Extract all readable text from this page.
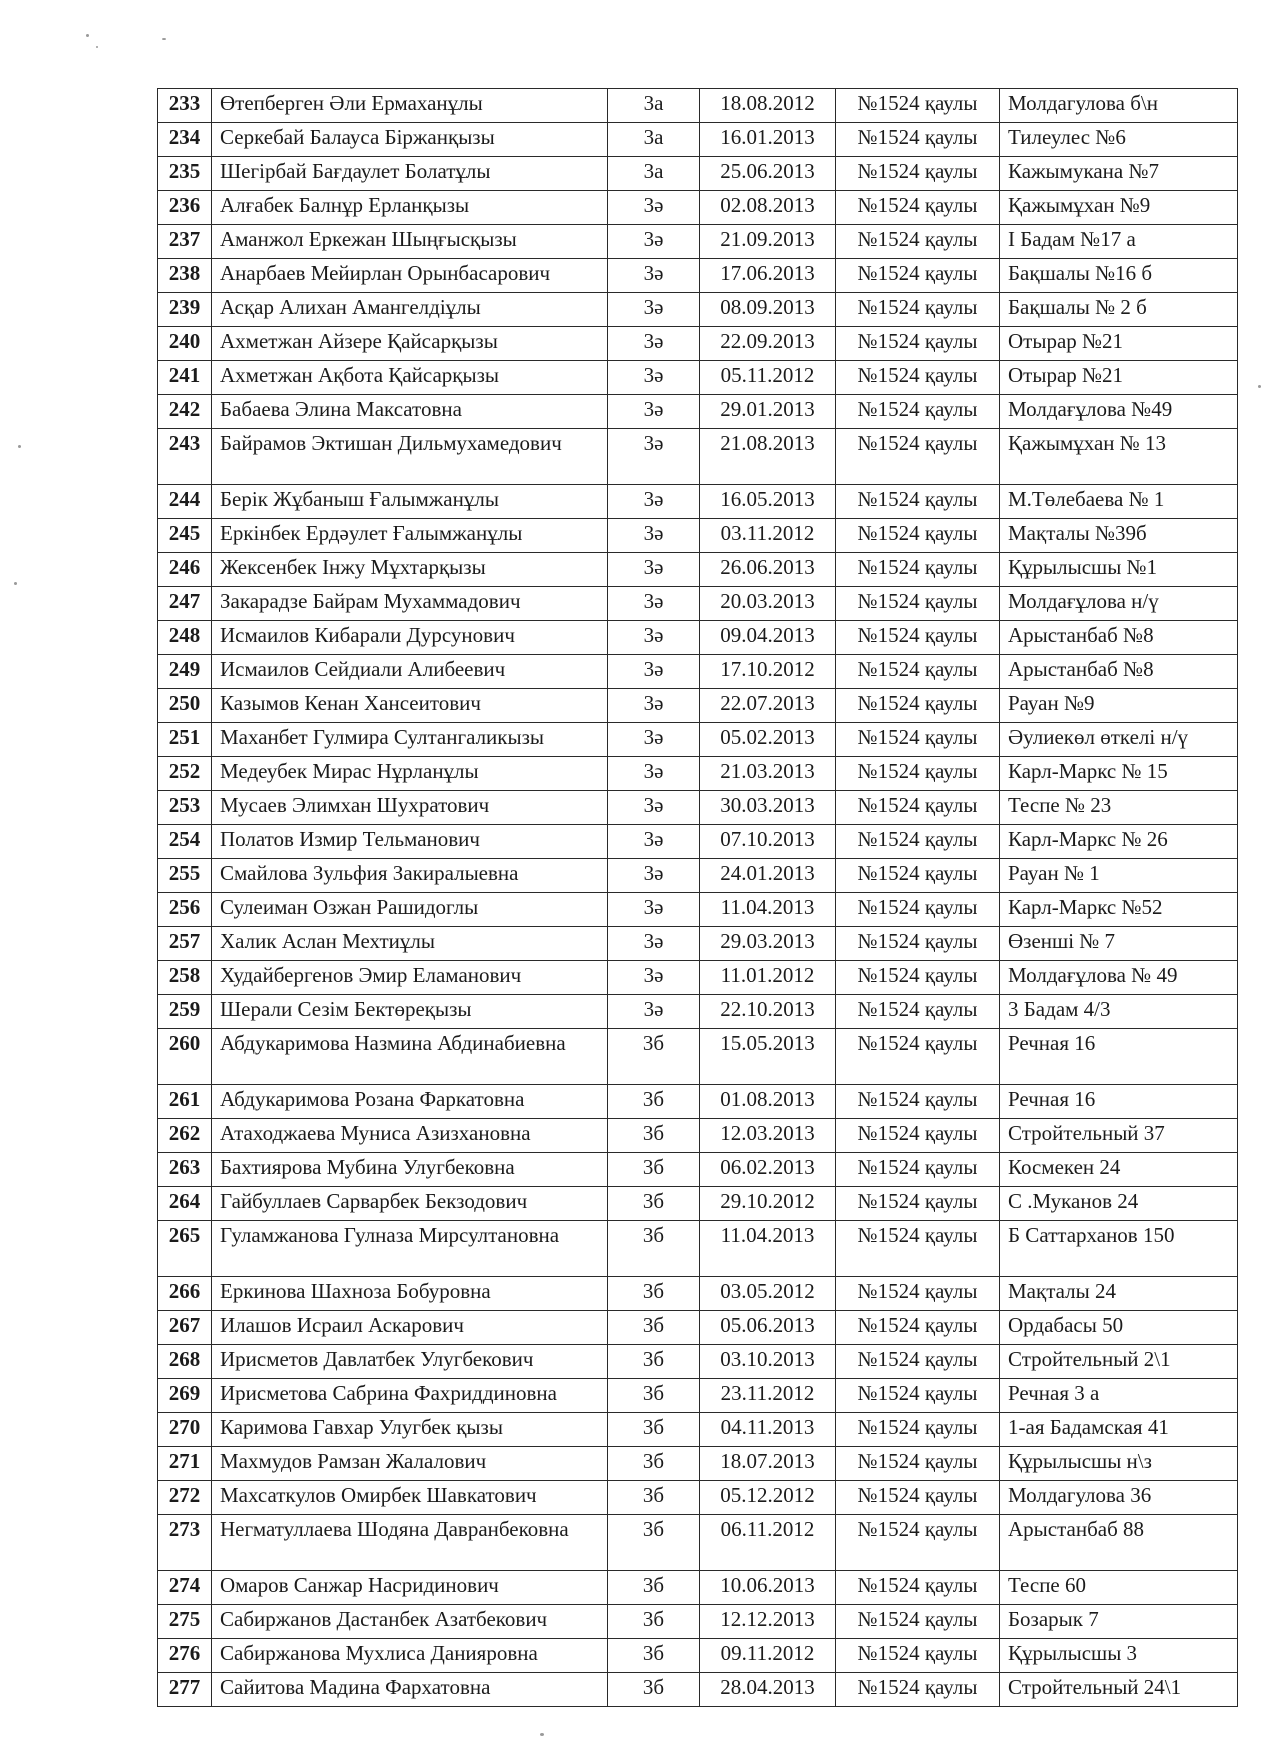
233	Өтепберген Әли Ермаханұлы	3а	18.08.2012	№1524 қаулы	Молдагулова б\н
234	Серкебай Балауса Біржанқызы	3а	16.01.2013	№1524 қаулы	Тилеулес №6
235	Шегірбай Бағдаулет Болатұлы	3а	25.06.2013	№1524 қаулы	Кажымукана №7
236	Алғабек Балнұр Ерланқызы	3ә	02.08.2013	№1524 қаулы	Қажымұхан №9
237	Аманжол Еркежан Шыңғысқызы	3ә	21.09.2013	№1524 қаулы	І Бадам №17 а
238	Анарбаев Мейирлан Орынбасарович	3ә	17.06.2013	№1524 қаулы	Бақшалы №16 б
239	Асқар Алихан Амангелдіұлы	3ә	08.09.2013	№1524 қаулы	Бақшалы № 2 б
240	Ахметжан Айзере Қайсарқызы	3ә	22.09.2013	№1524 қаулы	Отырар №21
241	Ахметжан Ақбота Қайсарқызы	3ә	05.11.2012	№1524 қаулы	Отырар №21
242	Бабаева Элина Максатовна	3ә	29.01.2013	№1524 қаулы	Молдағұлова №49
243	Байрамов Эктишан Дильмухамедович	3ә	21.08.2013	№1524 қаулы	Қажымұхан № 13
244	Берік Жұбаныш Ғалымжанұлы	3ә	16.05.2013	№1524 қаулы	М.Төлебаева № 1
245	Еркінбек Ердәулет Ғалымжанұлы	3ә	03.11.2012	№1524 қаулы	Мақталы №39б
246	Жексенбек Інжу Мұхтарқызы	3ә	26.06.2013	№1524 қаулы	Құрылысшы №1
247	Закарадзе Байрам Мухаммадович	3ә	20.03.2013	№1524 қаулы	Молдағұлова н/ү
248	Исмаилов Кибарали Дурсунович	3ә	09.04.2013	№1524 қаулы	Арыстанбаб №8
249	Исмаилов Сейдиали Алибеевич	3ә	17.10.2012	№1524 қаулы	Арыстанбаб №8
250	Казымов Кенан Хансеитович	3ә	22.07.2013	№1524 қаулы	Рауан №9
251	Маханбет Гулмира Султангаликызы	3ә	05.02.2013	№1524 қаулы	Әулиекөл өткелі н/ү
252	Медеубек Мирас Нұрланұлы	3ә	21.03.2013	№1524 қаулы	Карл-Маркс № 15
253	Мусаев Элимхан Шухратович	3ә	30.03.2013	№1524 қаулы	Теспе № 23
254	Полатов Измир Тельманович	3ә	07.10.2013	№1524 қаулы	Карл-Маркс № 26
255	Смайлова Зульфия Закиралыевна	3ә	24.01.2013	№1524 қаулы	Рауан № 1
256	Сулеиман Озжан Рашидоглы	3ә	11.04.2013	№1524 қаулы	Карл-Маркс №52
257	Халик Аслан Мехтиұлы	3ә	29.03.2013	№1524 қаулы	Өзенші № 7
258	Худайбергенов Эмир Еламанович	3ә	11.01.2012	№1524 қаулы	Молдағұлова № 49
259	Шерали Сезім Бектөреқызы	3ә	22.10.2013	№1524 қаулы	3 Бадам 4/3
260	Абдукаримова Назмина Абдинабиевна	3б	15.05.2013	№1524 қаулы	Речная 16
261	Абдукаримова Розана Фаркатовна	3б	01.08.2013	№1524 қаулы	Речная 16
262	Атаходжаева Муниса Азизхановна	3б	12.03.2013	№1524 қаулы	Стройтельный 37
263	Бахтиярова Мубина Улугбековна	3б	06.02.2013	№1524 қаулы	Космекен 24
264	Гайбуллаев Сарварбек Бекзодович	3б	29.10.2012	№1524 қаулы	С .Муканов 24
265	Гуламжанова Гулназа Мирсултановна	3б	11.04.2013	№1524 қаулы	Б Саттарханов 150
266	Еркинова Шахноза Бобуровна	3б	03.05.2012	№1524 қаулы	Мақталы 24
267	Илашов Исраил Аскарович	3б	05.06.2013	№1524 қаулы	Ордабасы 50
268	Ирисметов Давлатбек Улугбекович	3б	03.10.2013	№1524 қаулы	Стройтельный 2\1
269	Ирисметова Сабрина Фахриддиновна	3б	23.11.2012	№1524 қаулы	Речная 3 а
270	Каримова Гавхар Улугбек қызы	3б	04.11.2013	№1524 қаулы	1-ая Бадамская 41
271	Махмудов Рамзан Жалалович	3б	18.07.2013	№1524 қаулы	Құрылысшы н\з
272	Махсаткулов Омирбек Шавкатович	3б	05.12.2012	№1524 қаулы	Молдагулова 36
273	Негматуллаева Шодяна Давранбековна	3б	06.11.2012	№1524 қаулы	Арыстанбаб 88
274	Омаров Санжар Насридинович	3б	10.06.2013	№1524 қаулы	Теспе 60
275	Сабиржанов Дастанбек Азатбекович	3б	12.12.2013	№1524 қаулы	Бозарык 7
276	Сабиржанова Мухлиса Данияровна	3б	09.11.2012	№1524 қаулы	Құрылысшы 3
277	Сайитова Мадина Фархатовна	3б	28.04.2013	№1524 қаулы	Стройтельный 24\1
